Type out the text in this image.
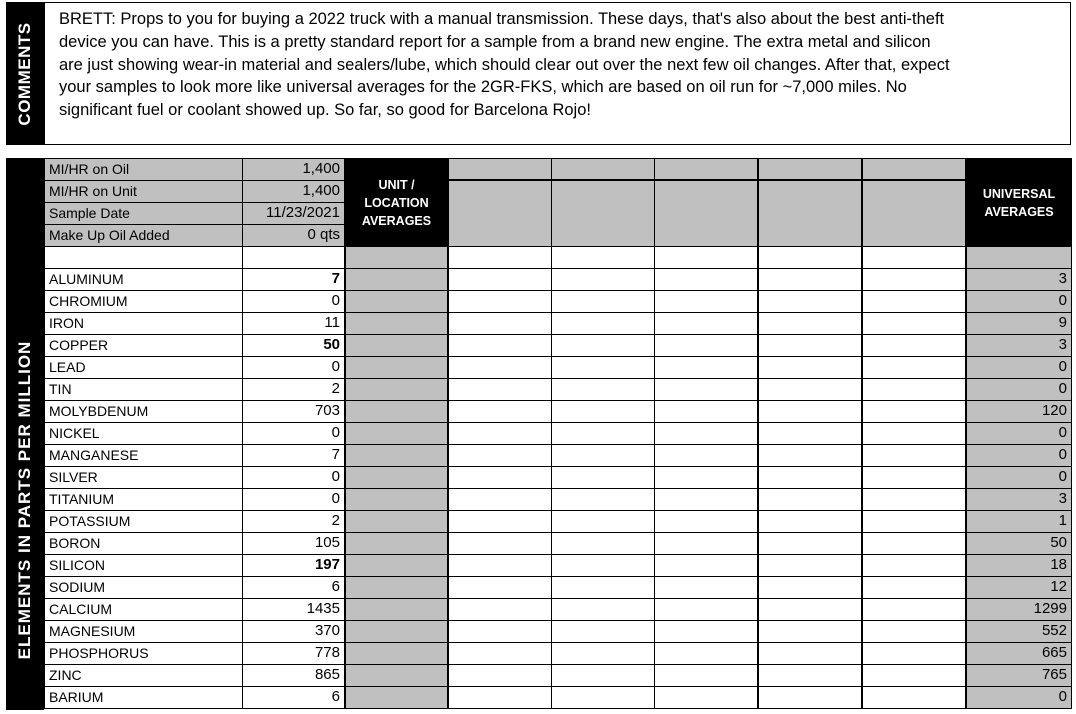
COMMENTS
BRETT: Props to you for buying a 2022 truck with a manual transmission. These days, that's also about the best anti-theft device you can have. This is a pretty standard report for a sample from a brand new engine. The extra metal and silicon are just showing wear-in material and sealers/lube, which should clear out over the next few oil changes. After that, expect your samples to look more like universal averages for the 2GR-FKS, which are based on oil run for ~7,000 miles. No significant fuel or coolant showed up. So far, so good for Barcelona Rojo!
ELEMENTS IN PARTS PER MILLION
MI/HR on Oil	1,400
MI/HR on Unit	1,400
Sample Date	11/23/2021
Make Up Oil Added	0 qts
UNIT / LOCATION AVERAGES
UNIVERSAL AVERAGES
ALUMINUM	7	3
CHROMIUM	0	0
IRON	11	9
COPPER	50	3
LEAD	0	0
TIN	2	0
MOLYBDENUM	703	120
NICKEL	0	0
MANGANESE	7	0
SILVER	0	0
TITANIUM	0	3
POTASSIUM	2	1
BORON	105	50
SILICON	197	18
SODIUM	6	12
CALCIUM	1435	1299
MAGNESIUM	370	552
PHOSPHORUS	778	665
ZINC	865	765
BARIUM	6	0
